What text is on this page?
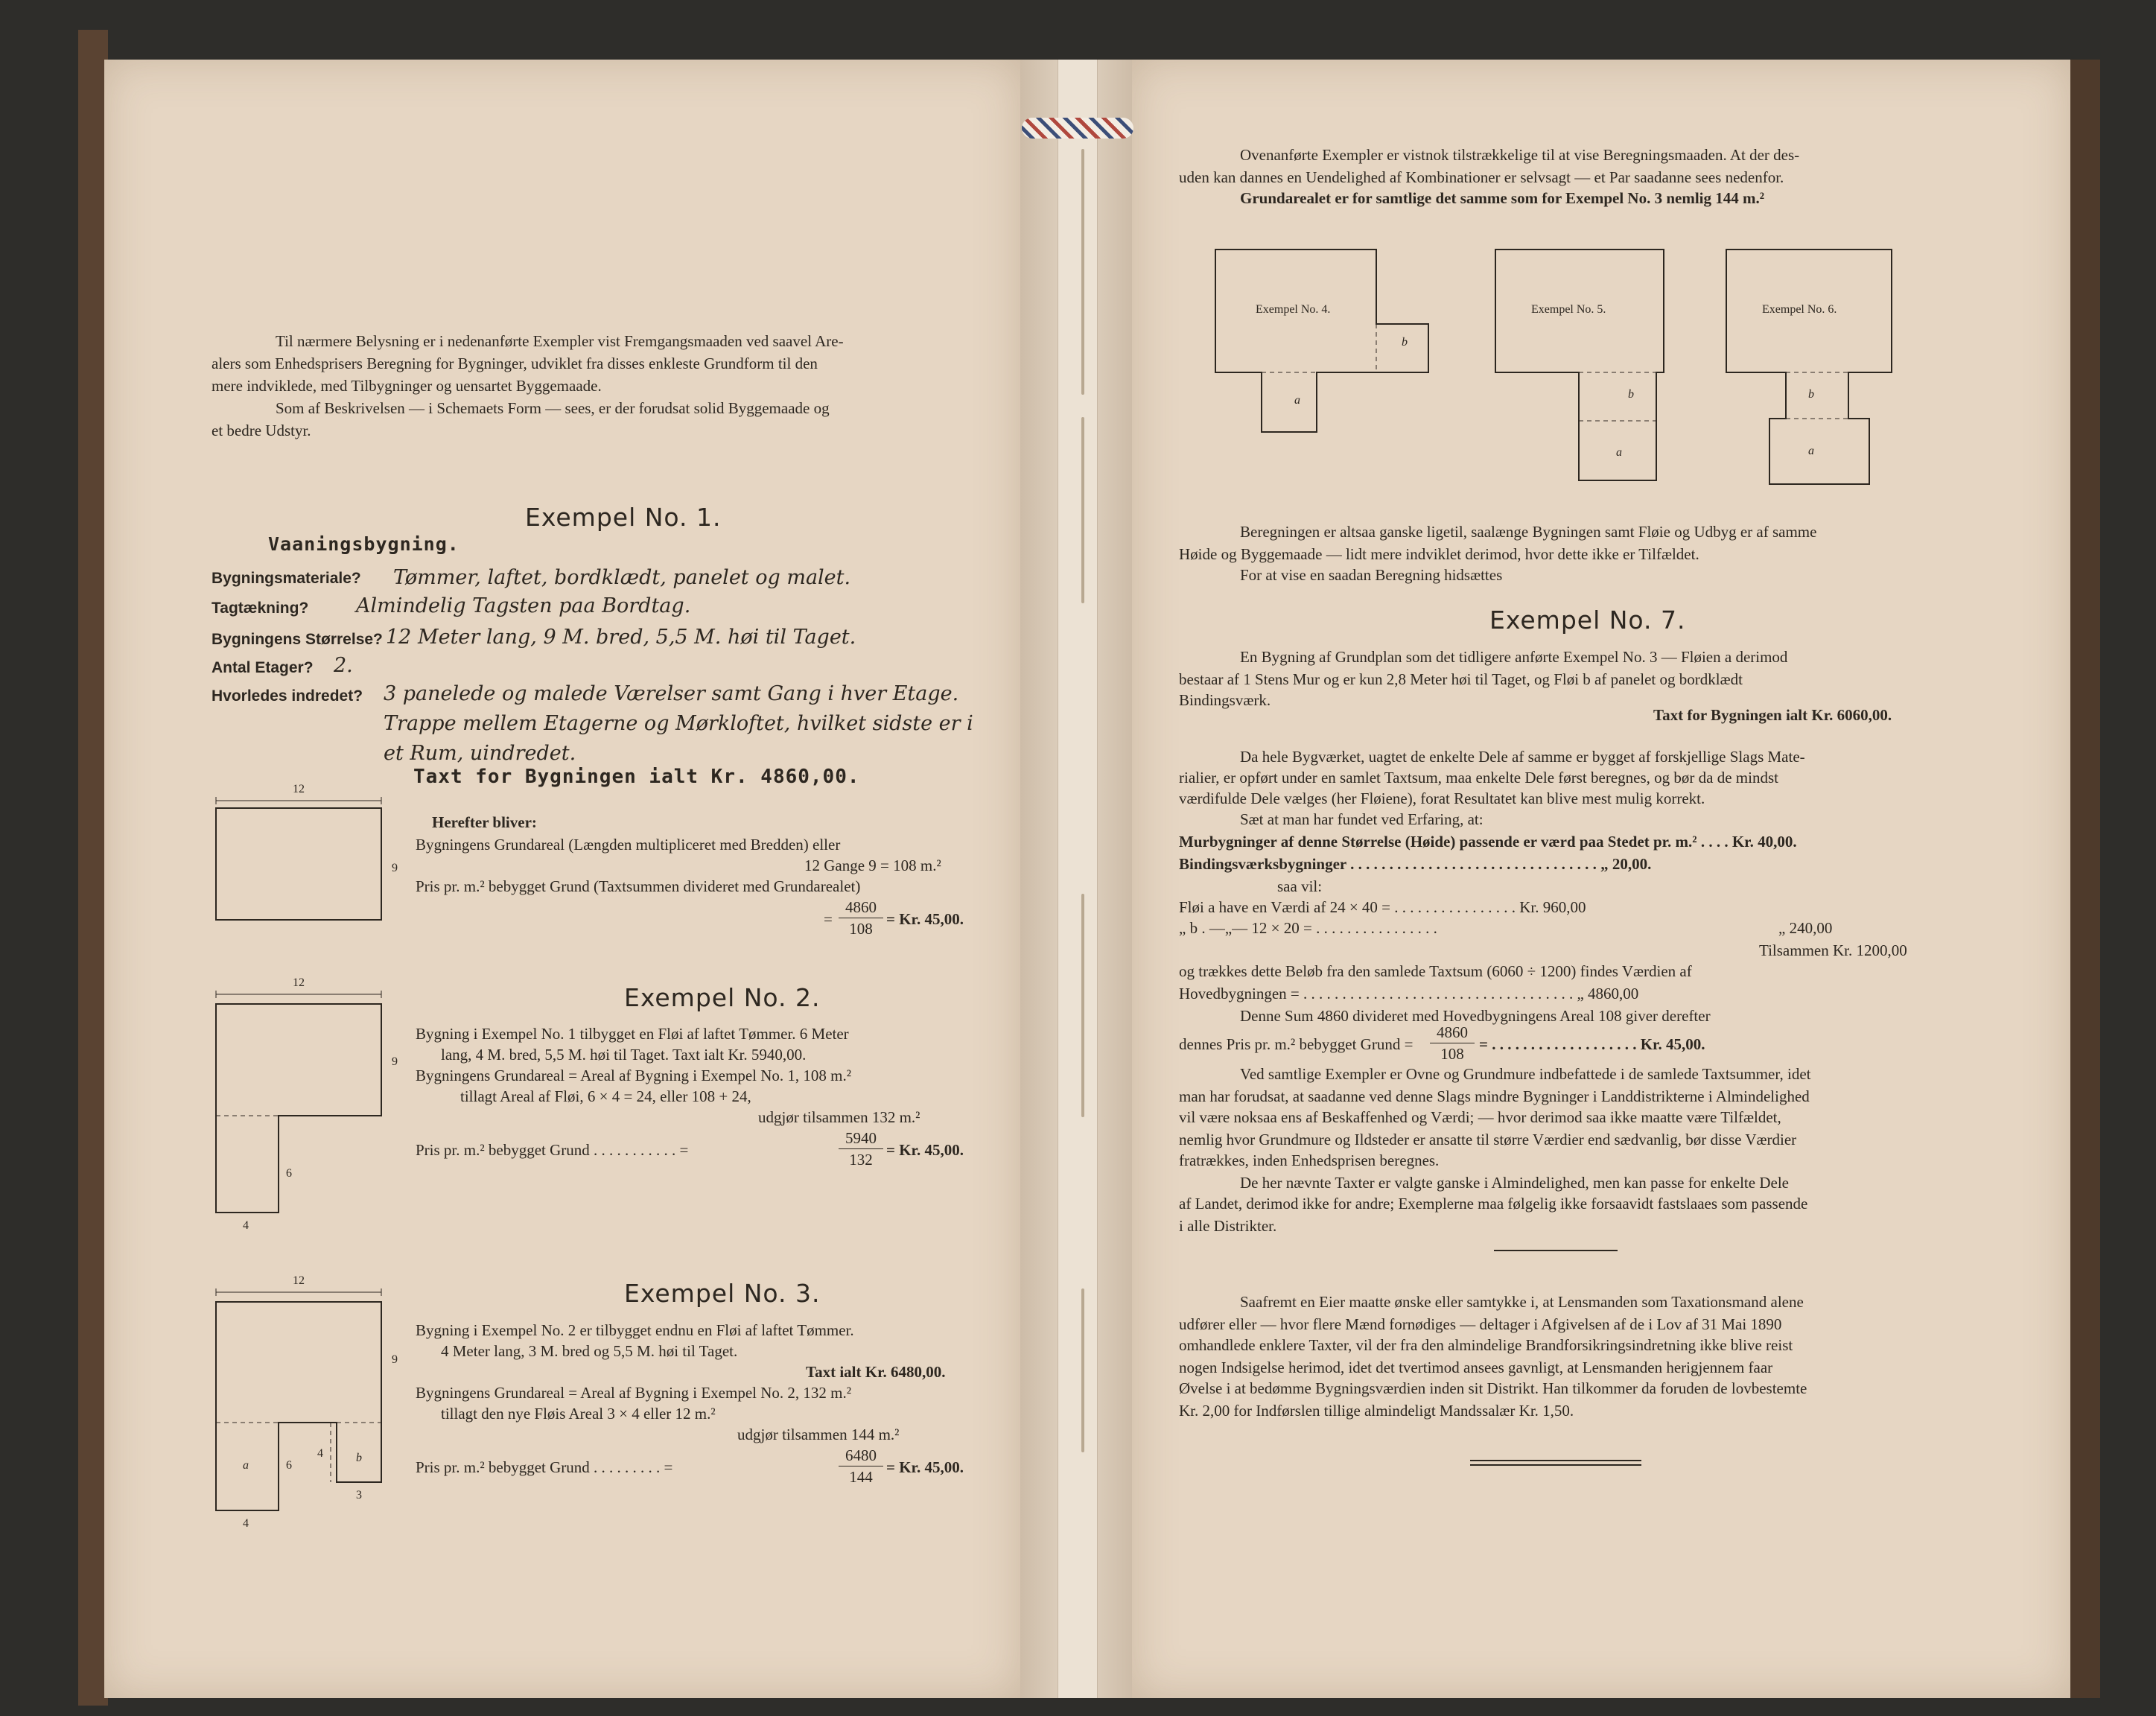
Til nærmere Belysning er i nedenanførte Exempler vist Fremgangsmaaden ved saavel Are-
alers som Enhedsprisers Beregning for Bygninger, udviklet fra disses enkleste Grundform til den
mere indviklede, med Tilbygninger og uensartet Byggemaade.
Som af Beskrivelsen — i Schemaets Form — sees, er der forudsat solid Byggemaade og
et bedre Udstyr.
Exempel No. 1.
Vaaningsbygning.
Bygningsmateriale? Tømmer, laftet, bordklædt, panelet og malet.
Tagtækning? Almindelig Tagsten paa Bordtag.
Bygningens Størrelse? 12 Meter lang, 9 M. bred, 5,5 M. høi til Taget.
Antal Etager? 2.
Hvorledes indredet? 3 panelede og malede Værelser samt Gang i hver Etage.
Trappe mellem Etagerne og Mørkloftet, hvilket sidste er i
et Rum, uindredet.
Taxt for Bygningen ialt Kr. 4860,00.
12
9
Herefter bliver:
Bygningens Grundareal (Længden multipliceret med Bredden) eller
12 Gange 9 = 108 m.²
Pris pr. m.² bebygget Grund (Taxtsummen divideret med Grundarealet)
= $\frac{4860}{108} = Kr$. 45,00.
Exempel No. 2.
12
9
6
4
Bygning i Exempel No. 1 tilbygget en Fløi af laftet Tømmer. 6 Meter
lang, 4 M. bred, 5,5 M. høi til Taget. Taxt ialt Kr. 5940,00.
Bygningens Grundareal = Areal af Bygning i Exempel No. 1, 108 m.²
tillagt Areal af Fløi, 6 × 4 = 24, eller 108 + 24,
udgjør tilsammen 132 m.²
Pris pr. m.² bebygget Grund . . . . . . . . . . . =	$\frac{5940}{132} = Kr$. 45,00.
Exempel No. 3.
12
9
a	6
4	b
3
4
Bygning i Exempel No. 2 er tilbygget endnu en Fløi af laftet Tømmer.
4 Meter lang, 3 M. bred og 5,5 M. høi til Taget.
Taxt ialt Kr. 6480,00.
Bygningens Grundareal = Areal af Bygning i Exempel No. 2, 132 m.²
tillagt den nye Fløis Areal 3 × 4 eller 12 m.²
udgjør tilsammen 144 m.²
Pris pr. m.² bebygget Grund . . . . . . . . . =	$\frac{6480}{144} = Kr$. 45,00.
Ovenanførte Exempler er vistnok tilstrækkelige til at vise Beregningsmaaden. At der des-
uden kan dannes en Uendelighed af Kombinationer er selvsagt — et Par saadanne sees nedenfor.
Grundarealet er for samtlige det samme som for Exempel No. 3 nemlig 144 m.²
Exempel No. 4.
b
a
Exempel No. 5.
b
a
Exempel No. 6.
b
a
Beregningen er altsaa ganske ligetil, saalænge Bygningen samt Fløie og Udbyg er af samme
Høide og Byggemaade — lidt mere indviklet derimod, hvor dette ikke er Tilfældet.
For at vise en saadan Beregning hidsættes
Exempel No. 7.
En Bygning af Grundplan som det tidligere anførte Exempel No. 3 — Fløien a derimod
bestaar af 1 Stens Mur og er kun 2,8 Meter høi til Taget, og Fløi b af panelet og bordklædt
Bindingsværk.
Taxt for Bygningen ialt Kr. 6060,00.
Da hele Bygværket, uagtet de enkelte Dele af samme er bygget af forskjellige Slags Mate-
rialier, er opført under en samlet Taxtsum, maa enkelte Dele først beregnes, og bør da de mindst
værdifulde Dele vælges (her Fløiene), forat Resultatet kan blive mest mulig korrekt.
Sæt at man har fundet ved Erfaring, at:
Murbygninger af denne Størrelse (Høide) passende er værd paa Stedet pr. m.² . . . . Kr. 40,00.
Bindingsværksbygninger . . . . . . . . . . . . . . . . . . . . . . . . . . . . . . . . „ 20,00.
saa vil:
Fløi a have en Værdi af 24 × 40 = . . . . . . . . . . . . . . . . Kr. 960,00
„ b . —„— 12 × 20 = . . . . . . . . . . . . . . . .	„ 240,00
Tilsammen Kr. 1200,00
og trækkes dette Beløb fra den samlede Taxtsum (6060 ÷ 1200) findes Værdien af
Hovedbygningen = . . . . . . . . . . . . . . . . . . . . . . . . . . . . . . . . . . . „ 4860,00
Denne Sum 4860 divideret med Hovedbygningens Areal 108 giver derefter
dennes Pris pr. m.² bebygget Grund = $\frac{4860}{108}$ = . . . . . . . . . . . . . . . . . . . Kr. 45,00.
Ved samtlige Exempler er Ovne og Grundmure indbefattede i de samlede Taxtsummer, idet
man har forudsat, at saadanne ved denne Slags mindre Bygninger i Landdistrikterne i Almindelighed
vil være noksaa ens af Beskaffenhed og Værdi; — hvor derimod saa ikke maatte være Tilfældet,
nemlig hvor Grundmure og Ildsteder er ansatte til større Værdier end sædvanlig, bør disse Værdier
fratrækkes, inden Enhedsprisen beregnes.
De her nævnte Taxter er valgte ganske i Almindelighed, men kan passe for enkelte Dele
af Landet, derimod ikke for andre; Exemplerne maa følgelig ikke forsaavidt fastslaaes som passende
i alle Distrikter.
Saafremt en Eier maatte ønske eller samtykke i, at Lensmanden som Taxationsmand alene
udfører eller — hvor flere Mænd fornødiges — deltager i Afgivelsen af de i Lov af 31 Mai 1890
omhandlede enklere Taxter, vil der fra den almindelige Brandforsikringsindretning ikke blive reist
nogen Indsigelse herimod, idet det tvertimod ansees gavnligt, at Lensmanden herigjennem faar
Øvelse i at bedømme Bygningsværdien inden sit Distrikt. Han tilkommer da foruden de lovbestemte
Kr. 2,00 for Indførslen tillige almindeligt Mandssalær Kr. 1,50.
